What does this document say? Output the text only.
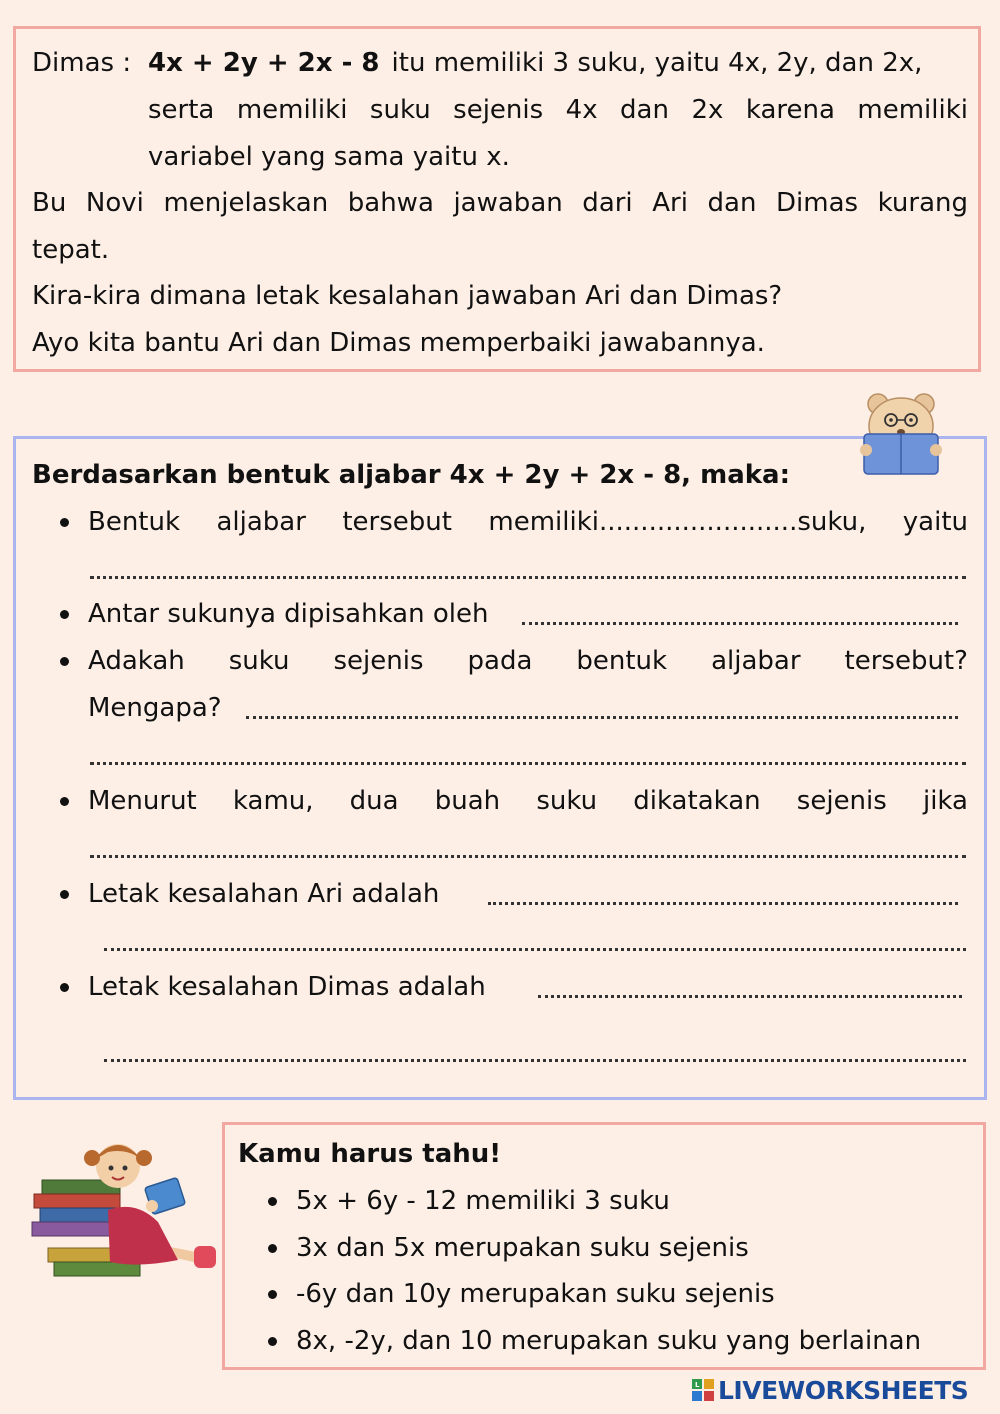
Dimas : 4x + 2y + 2x - 8 itu memiliki 3 suku, yaitu 4x, 2y, dan 2x,
serta memiliki suku sejenis 4x dan 2x karena memiliki
variabel yang sama yaitu x.
Bu Novi menjelaskan bahwa jawaban dari Ari dan Dimas kurang
tepat.
Kira-kira dimana letak kesalahan jawaban Ari dan Dimas?
Ayo kita bantu Ari dan Dimas memperbaiki jawabannya.
Berdasarkan bentuk aljabar 4x + 2y + 2x - 8, maka:
Bentuk aljabar tersebut memiliki........................suku, yaitu
Antar sukunya dipisahkan oleh
Adakah suku sejenis pada bentuk aljabar tersebut?
Mengapa?
Menurut kamu, dua buah suku dikatakan sejenis jika
Letak kesalahan Ari adalah
Letak kesalahan Dimas adalah
Kamu harus tahu!
5x + 6y - 12 memiliki 3 suku
3x dan 5x merupakan suku sejenis
-6y dan 10y merupakan suku sejenis
8x, -2y, dan 10 merupakan suku yang berlainan
L LIVEWORKSHEETS
